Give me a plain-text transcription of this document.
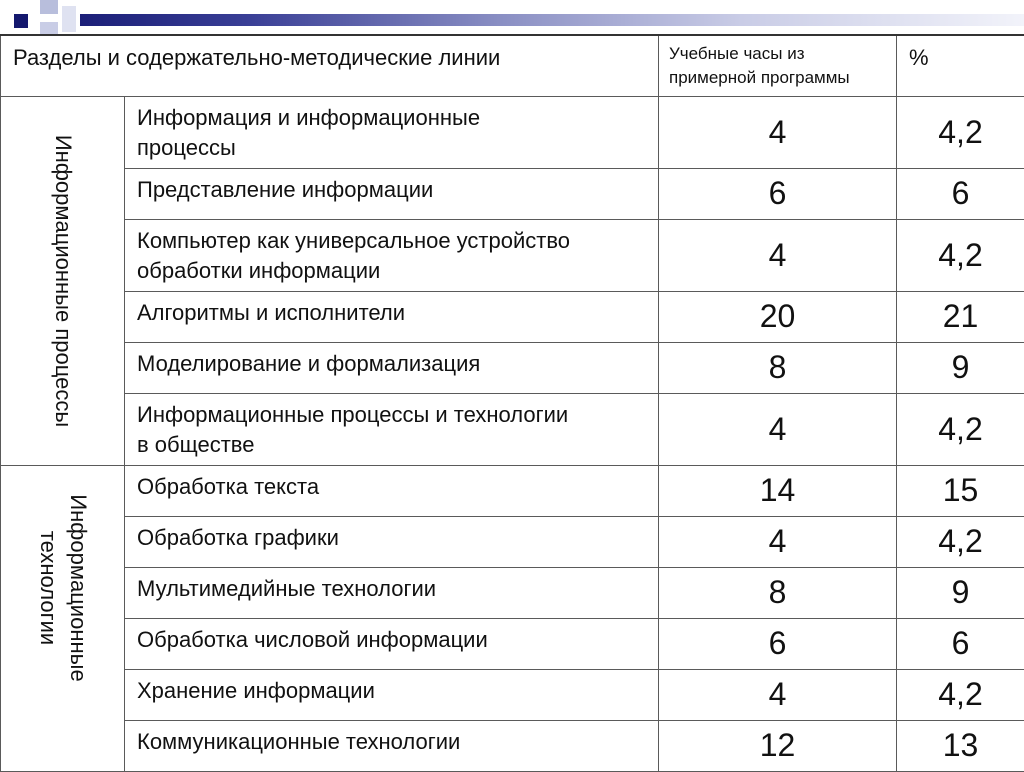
Разделы и содержательно-методические линии		Учебные часы из
примерной программы	%

Информационные процессы	Информация и информационные
процессы	4	4,2
	Представление информации	6	6
	Компьютер как универсальное устройство
обработки информации	4	4,2
	Алгоритмы и исполнители	20	21
	Моделирование и формализация	8	9
	Информационные процессы и технологии
в обществе	4	4,2

Информационные
технологии	Обработка текста	14	15
	Обработка графики	4	4,2
	Мультимедийные технологии	8	9
	Обработка числовой информации	6	6
	Хранение информации	4	4,2
	Коммуникационные технологии	12	13
